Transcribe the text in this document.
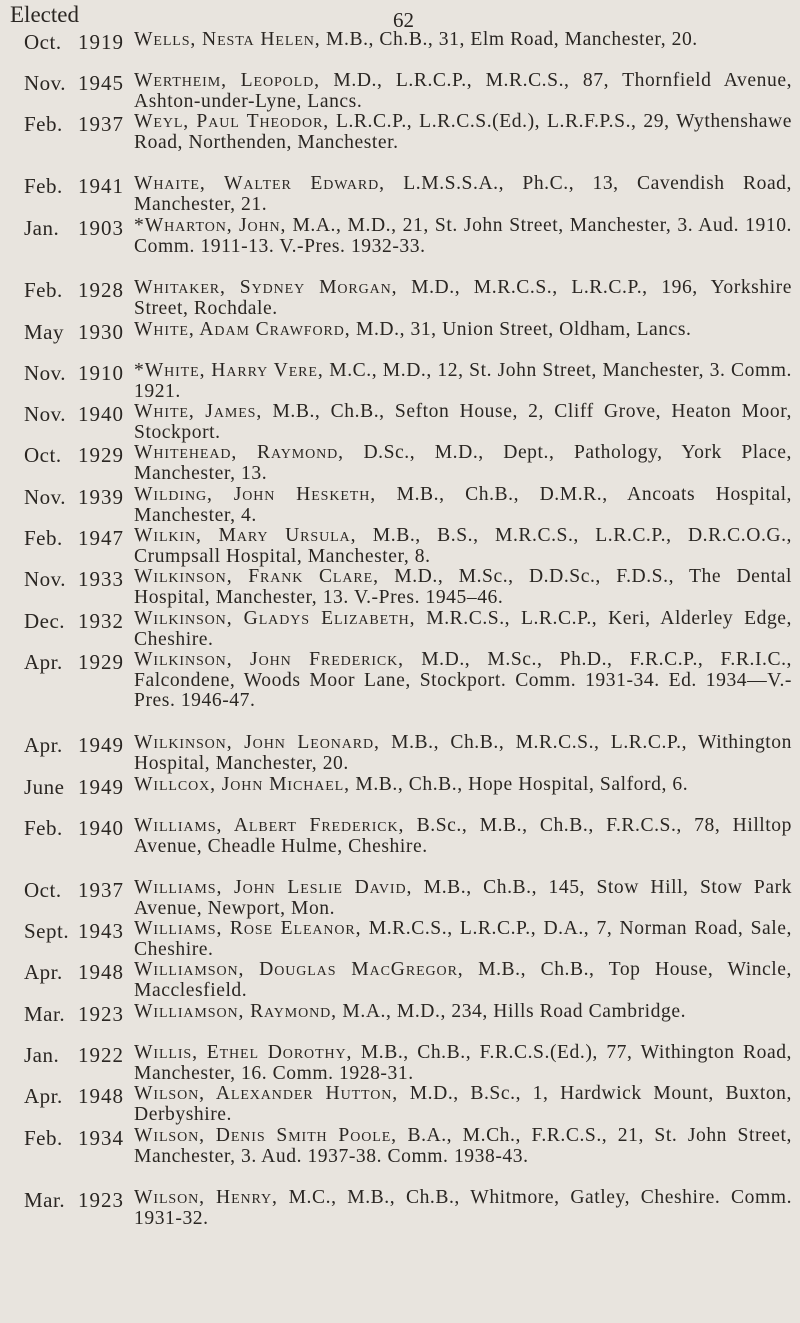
62
Elected
Oct. 1919 Wells, Nesta Helen, M.B., Ch.B., 31, Elm Road, Manchester, 20.
Nov. 1945 Wertheim, Leopold, M.D., L.R.C.P., M.R.C.S., 87, Thornfield Avenue, Ashton-under-Lyne, Lancs.
Feb. 1937 Weyl, Paul Theodor, L.R.C.P., L.R.C.S.(Ed.), L.R.F.P.S., 29, Wythenshawe Road, Northenden, Manchester.
Feb. 1941 Whaite, Walter Edward, L.M.S.S.A., Ph.C., 13, Cavendish Road, Manchester, 21.
Jan. 1903 *Wharton, John, M.A., M.D., 21, St. John Street, Manchester, 3. Aud. 1910. Comm. 1911-13. V.-Pres. 1932-33.
Feb. 1928 Whitaker, Sydney Morgan, M.D., M.R.C.S., L.R.C.P., 196, Yorkshire Street, Rochdale.
May 1930 White, Adam Crawford, M.D., 31, Union Street, Oldham, Lancs.
Nov. 1910 *White, Harry Vere, M.C., M.D., 12, St. John Street, Manchester, 3. Comm. 1921.
Nov. 1940 White, James, M.B., Ch.B., Sefton House, 2, Cliff Grove, Heaton Moor, Stockport.
Oct. 1929 Whitehead, Raymond, D.Sc., M.D., Dept., Pathology, York Place, Manchester, 13.
Nov. 1939 Wilding, John Hesketh, M.B., Ch.B., D.M.R., Ancoats Hospital, Manchester, 4.
Feb. 1947 Wilkin, Mary Ursula, M.B., B.S., M.R.C.S., L.R.C.P., D.R.C.O.G., Crumpsall Hospital, Manchester, 8.
Nov. 1933 Wilkinson, Frank Clare, M.D., M.Sc., D.D.Sc., F.D.S., The Dental Hospital, Manchester, 13. V.-Pres. 1945–46.
Dec. 1932 Wilkinson, Gladys Elizabeth, M.R.C.S., L.R.C.P., Keri, Alderley Edge, Cheshire.
Apr. 1929 Wilkinson, John Frederick, M.D., M.Sc., Ph.D., F.R.C.P., F.R.I.C., Falcondene, Woods Moor Lane, Stockport. Comm. 1931-34. Ed. 1934—V.-Pres. 1946-47.
Apr. 1949 Wilkinson, John Leonard, M.B., Ch.B., M.R.C.S., L.R.C.P., Withington Hospital, Manchester, 20.
June 1949 Willcox, John Michael, M.B., Ch.B., Hope Hospital, Salford, 6.
Feb. 1940 Williams, Albert Frederick, B.Sc., M.B., Ch.B., F.R.C.S., 78, Hilltop Avenue, Cheadle Hulme, Cheshire.
Oct. 1937 Williams, John Leslie David, M.B., Ch.B., 145, Stow Hill, Stow Park Avenue, Newport, Mon.
Sept. 1943 Williams, Rose Eleanor, M.R.C.S., L.R.C.P., D.A., 7, Norman Road, Sale, Cheshire.
Apr. 1948 Williamson, Douglas MacGregor, M.B., Ch.B., Top House, Wincle, Macclesfield.
Mar. 1923 Williamson, Raymond, M.A., M.D., 234, Hills Road Cambridge.
Jan. 1922 Willis, Ethel Dorothy, M.B., Ch.B., F.R.C.S.(Ed.), 77, Withington Road, Manchester, 16. Comm. 1928-31.
Apr. 1948 Wilson, Alexander Hutton, M.D., B.Sc., 1, Hardwick Mount, Buxton, Derbyshire.
Feb. 1934 Wilson, Denis Smith Poole, B.A., M.Ch., F.R.C.S., 21, St. John Street, Manchester, 3. Aud. 1937-38. Comm. 1938-43.
Mar. 1923 Wilson, Henry, M.C., M.B., Ch.B., Whitmore, Gatley, Cheshire. Comm. 1931-32.
